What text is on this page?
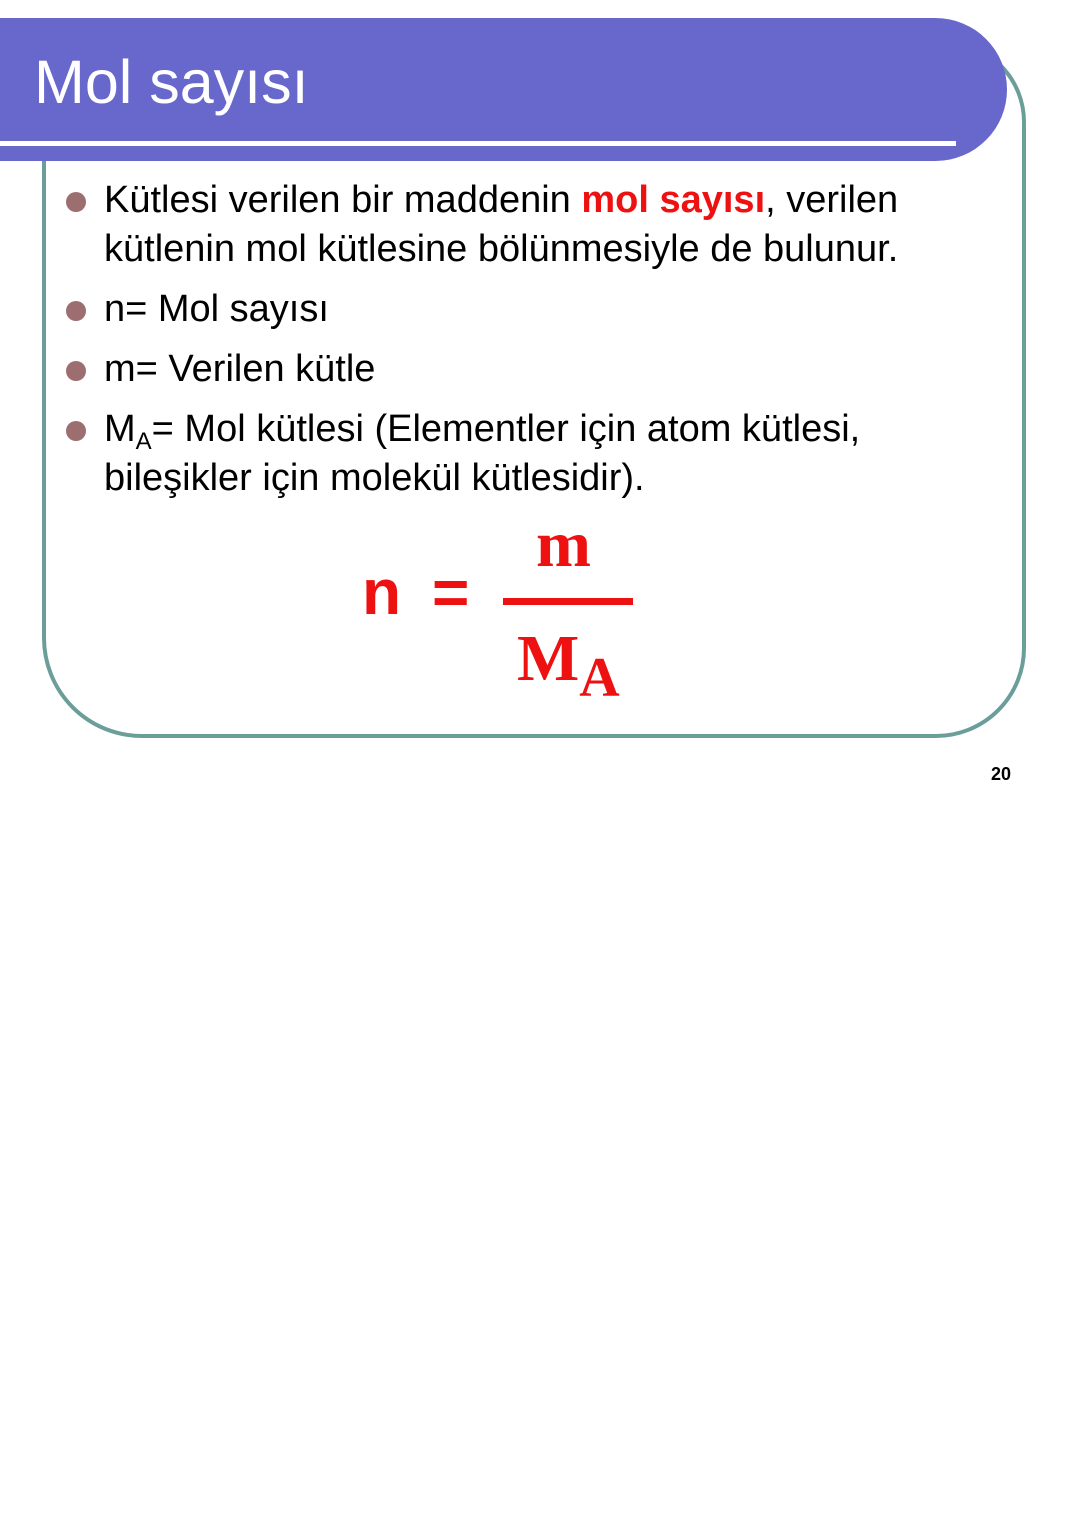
Mol sayısı
Kütlesi verilen bir maddenin mol sayısı, verilen kütlenin mol kütlesine bölünmesiyle de bulunur.
n= Mol sayısı
m= Verilen kütle
$M_A=$ Mol kütlesi (Elementler için atom kütlesi, bileşikler için molekül kütlesidir).
n =
m
$M_A$
20
